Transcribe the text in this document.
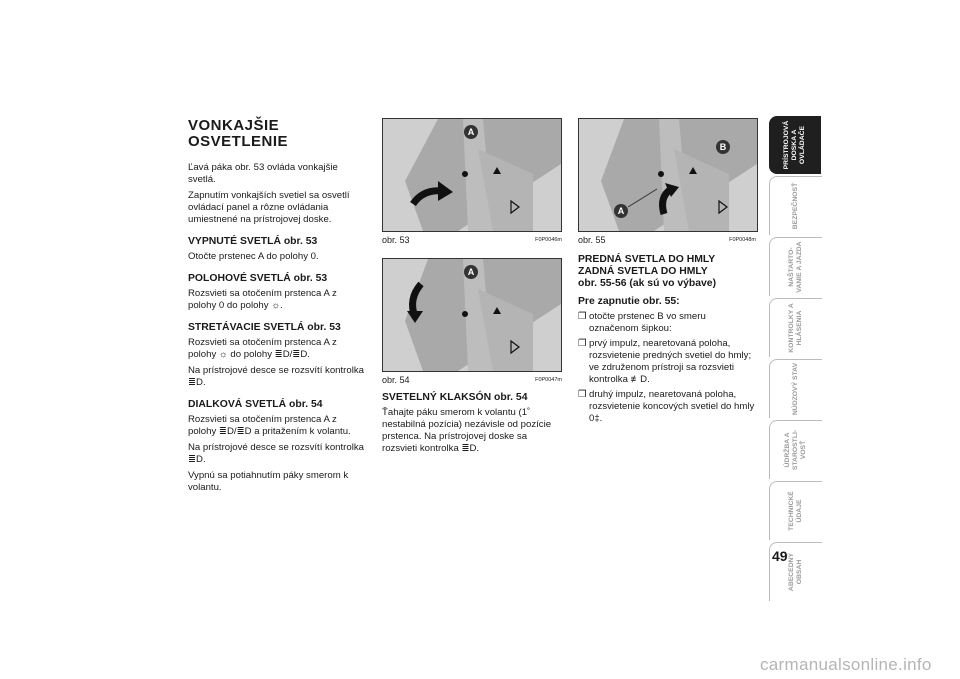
VONKAJŠIE OSVETLENIE

Ľavá páka obr. 53 ovláda vonkajšie svetlá.

Zapnutím vonkajších svetiel sa osvetlí ovládací panel a rôzne ovládania umiestnené na prístrojovej doske.

VYPNUTÉ SVETLÁ obr. 53

Otočte prstenec A do polohy 0.

POLOHOVÉ SVETLÁ obr. 53

Rozsvieti sa otočením prstenca A z polohy 0 do polohy ☼.

STRETÁVACIE SVETLÁ obr. 53

Rozsvieti sa otočením prstenca A z polohy ☼ do polohy ≣D/≣D.

Na prístrojové desce se rozsvítí kontrolka ≣D.

DIALKOVÁ SVETLÁ obr. 54

Rozsvieti sa otočením prstenca A z polohy ≣D/≣D a pritažením k volantu.

Na prístrojové desce se rozsvítí kontrolka ≣D.

Vypnú sa potiahnutím páky smerom k volantu.

A
obr. 53	F0P0046m
A
obr. 54	F0P0047m
SVETELNÝ KLAKSÓN obr. 54

Ťahajte páku smerom k volantu (1˚ nestabilná pozícia) nezávisle od pozície prstenca. Na prístrojovej doske sa rozsvieti kontrolka ≣D.

B
A
obr. 55	F0P0048m
PREDNÁ SVETLA DO HMLY
ZADNÁ SVETLA DO HMLY
obr. 55-56 (ak sú vo výbave)
Pre zapnutie obr. 55:
❒ otočte prstenec B vo smeru označenom šipkou:
❒ prvý impulz, nearetovaná poloha, rozsvietenie predných svetiel do hmly; ve združenom prístroji sa rozsvieti kontrolka ≢D.
❒ druhý impulz, nearetovaná poloha, rozsvietenie koncových svetiel do hmly 0‡.
PRÍSTROJOVÁ DOSKA A OVLÁDAČE
BEZPEČNOSŤ
NAŠTARTO-VANIE A JAZDA
KONTROLKY A HLÁSENIA
NÚDZOVÝ STAV
ÚDRŽBA A STAROSTLI-VOSŤ
TECHNICKÉ ÚDAJE
ABECEDNÝ OBSAH
49
carmanualsonline.info
